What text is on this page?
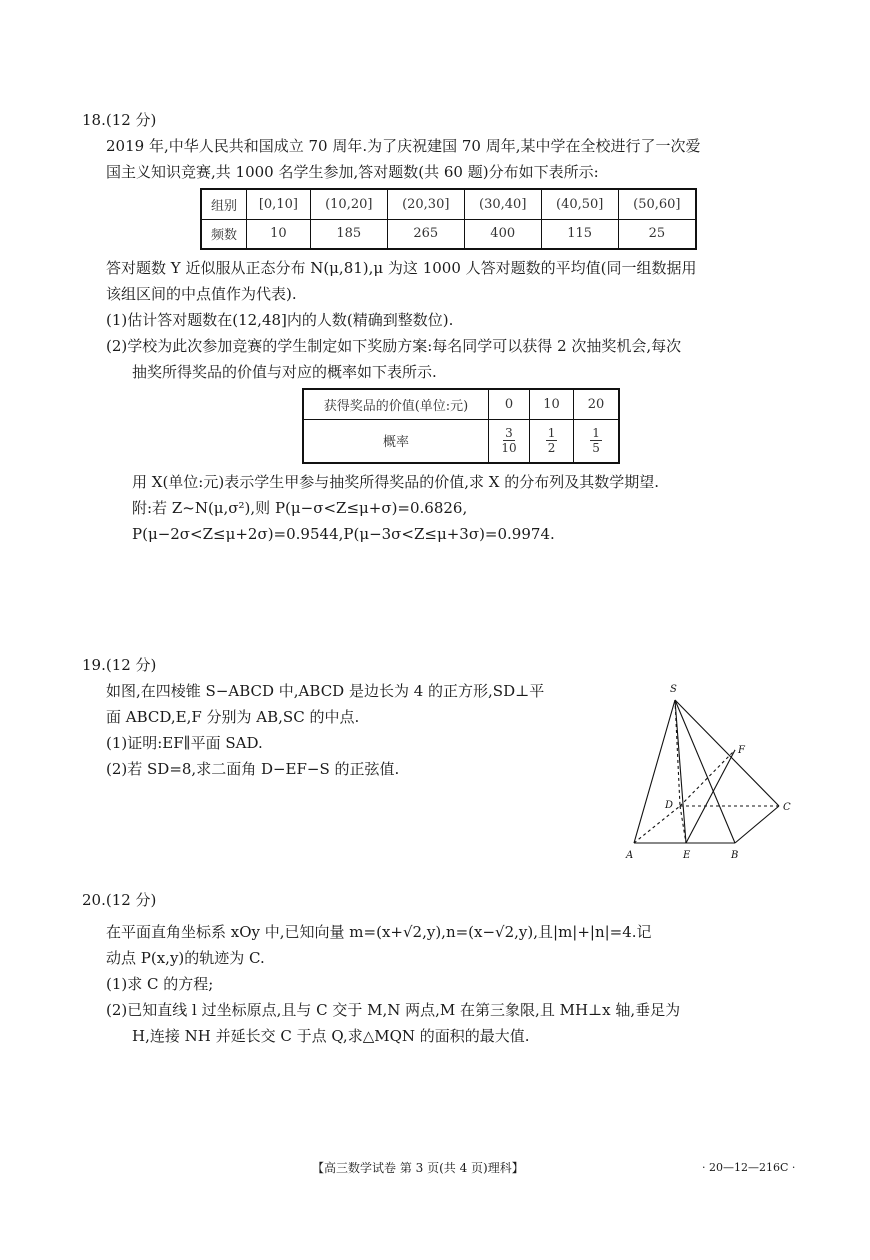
18.(12 分)
2019 年,中华人民共和国成立 70 周年.为了庆祝建国 70 周年,某中学在全校进行了一次爱
国主义知识竞赛,共 1000 名学生参加,答对题数(共 60 题)分布如下表所示:
组别	[0,10]	(10,20]	(20,30]	(30,40]	(40,50]	(50,60]
频数	10	185	265	400	115	25
答对题数 Y 近似服从正态分布 N(μ,81),μ 为这 1000 人答对题数的平均值(同一组数据用
该组区间的中点值作为代表).
(1)估计答对题数在(12,48]内的人数(精确到整数位).
(2)学校为此次参加竞赛的学生制定如下奖励方案:每名同学可以获得 2 次抽奖机会,每次
抽奖所得奖品的价值与对应的概率如下表所示.
获得奖品的价值(单位:元)	0	10	20
概率	$\frac{3}{10}$	$\frac{1}{2}$	$\frac{1}{5}$
用 X(单位:元)表示学生甲参与抽奖所得奖品的价值,求 X 的分布列及其数学期望.
附:若 Z~N(μ,σ²),则 P(μ−σ<Z≤μ+σ)=0.6826,
P(μ−2σ<Z≤μ+2σ)=0.9544,P(μ−3σ<Z≤μ+3σ)=0.9974.
19.(12 分)
如图,在四棱锥 S−ABCD 中,ABCD 是边长为 4 的正方形,SD⊥平
面 ABCD,E,F 分别为 AB,SC 的中点.
(1)证明:EF∥平面 SAD.
(2)若 SD=8,求二面角 D−EF−S 的正弦值.
S
A	B
C
D
E
F
20.(12 分)
在平面直角坐标系 xOy 中,已知向量 m=(x+√2,y),n=(x−√2,y),且|m|+|n|=4.记
动点 P(x,y)的轨迹为 C.
(1)求 C 的方程;
(2)已知直线 l 过坐标原点,且与 C 交于 M,N 两点,M 在第三象限,且 MH⊥x 轴,垂足为
H,连接 NH 并延长交 C 于点 Q,求△MQN 的面积的最大值.
【高三数学试卷 第 3 页(共 4 页)理科】	· 20—12—216C ·
